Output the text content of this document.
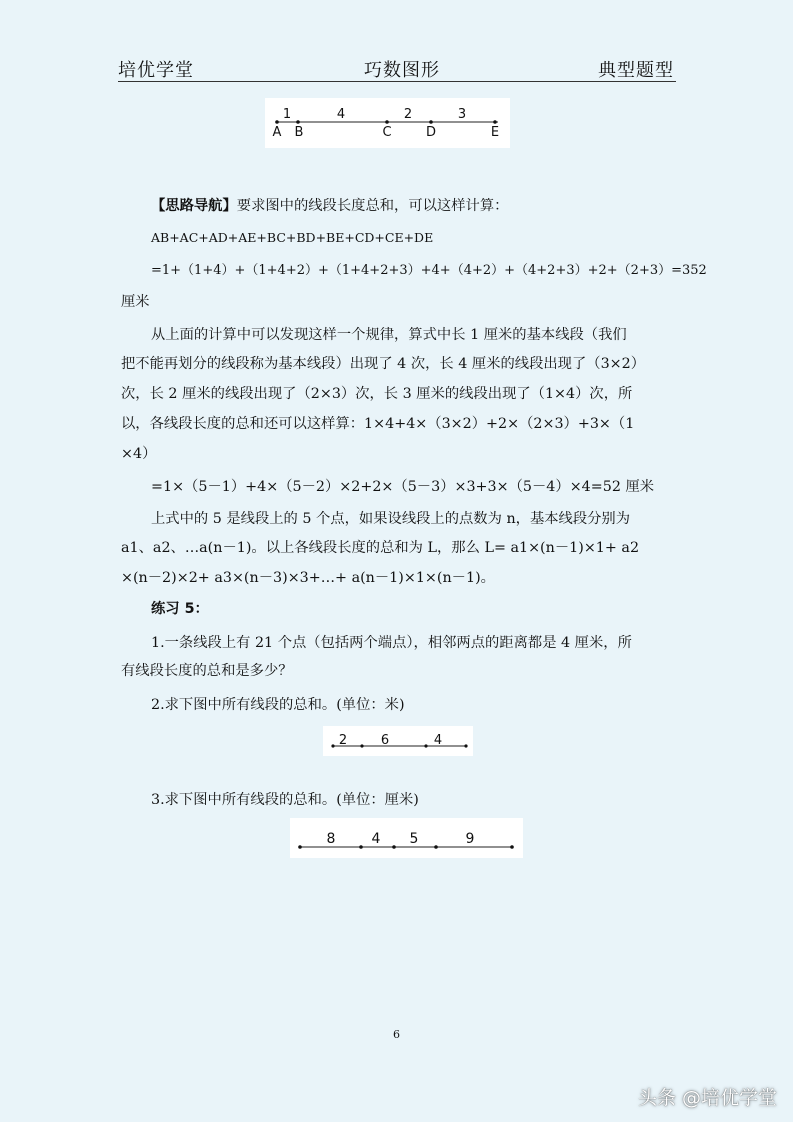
培优学堂	巧数图形	典型题型
1	4	2	3
A B	C	D	E
【思路导航】要求图中的线段长度总和，可以这样计算：
AB+AC+AD+AE+BC+BD+BE+CD+CE+DE
=1+（1+4）+（1+4+2）+（1+4+2+3）+4+（4+2）+（4+2+3）+2+（2+3）=352
厘米
从上面的计算中可以发现这样一个规律，算式中长 1 厘米的基本线段（我们
把不能再划分的线段称为基本线段）出现了 4 次，长 4 厘米的线段出现了（3×2）
次，长 2 厘米的线段出现了（2×3）次，长 3 厘米的线段出现了（1×4）次，所
以，各线段长度的总和还可以这样算：1×4+4×（3×2）+2×（2×3）+3×（1
×4）
=1×（5－1）+4×（5－2）×2+2×（5－3）×3+3×（5－4）×4=52 厘米
上式中的 5 是线段上的 5 个点，如果设线段上的点数为 n，基本线段分别为
a1、a2、…a(n－1)。以上各线段长度的总和为 L，那么 L= a1×(n－1)×1+ a2
×(n－2)×2+ a3×(n－3)×3+…+ a(n－1)×1×(n－1)。
练习 5：
1.一条线段上有 21 个点（包括两个端点），相邻两点的距离都是 4 厘米，所
有线段长度的总和是多少？
2.求下图中所有线段的总和。(单位：米)
2	6	4
3.求下图中所有线段的总和。(单位：厘米)
8	4 5	9
6
头条 @培优学堂
